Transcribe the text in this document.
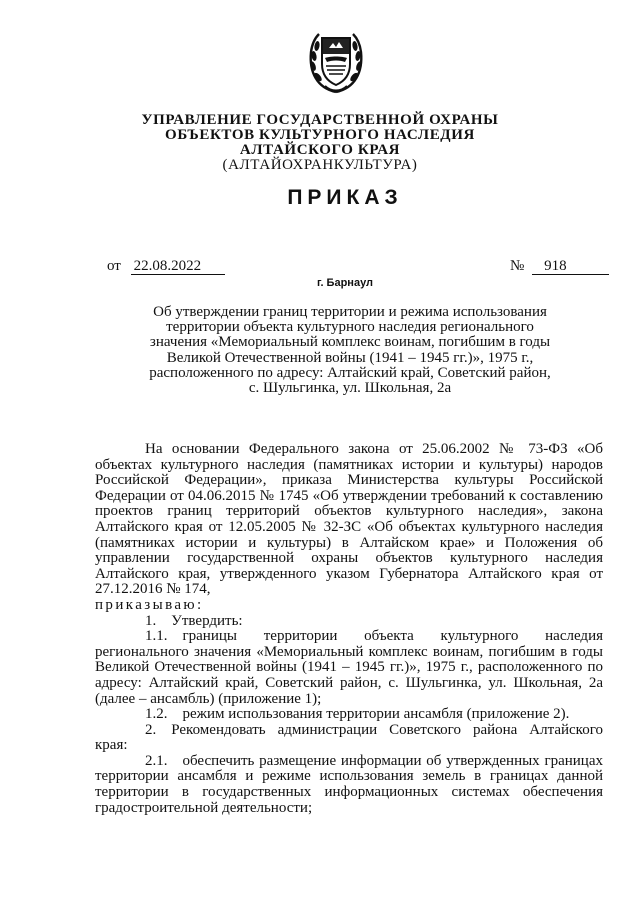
УПРАВЛЕНИЕ ГОСУДАРСТВЕННОЙ ОХРАНЫ
ОБЪЕКТОВ КУЛЬТУРНОГО НАСЛЕДИЯ
АЛТАЙСКОГО КРАЯ
(АЛТАЙОХРАНКУЛЬТУРА)
ПРИКАЗ
от 22.08.2022	№ 918
г. Барнаул
Об утверждении границ территории и режима использования
территории объекта культурного наследия регионального
значения «Мемориальный комплекс воинам, погибшим в годы
Великой Отечественной войны (1941 – 1945 гг.)», 1975 г.,
расположенного по адресу: Алтайский край, Советский район,
с. Шульгинка, ул. Школьная, 2а

На основании Федерального закона от 25.06.2002 № 73-ФЗ «Об объектах культурного наследия (памятниках истории и культуры) народов Российской Федерации», приказа Министерства культуры Российской Федерации от 04.06.2015 № 1745 «Об утверждении требований к составлению проектов границ территорий объектов культурного наследия», закона Алтайского края от 12.05.2005 № 32-ЗС «Об объектах культурного наследия (памятниках истории и культуры) в Алтайском крае» и Положения об управлении государственной охраны объектов культурного наследия Алтайского края, утвержденного указом Губернатора Алтайского края от 27.12.2016 № 174,

приказываю:

1. Утвердить:

1.1. границы территории объекта культурного наследия регионального значения «Мемориальный комплекс воинам, погибшим в годы Великой Отечественной войны (1941 – 1945 гг.)», 1975 г., расположенного по адресу: Алтайский край, Советский район, с. Шульгинка, ул. Школьная, 2а (далее – ансамбль) (приложение 1);

1.2. режим использования территории ансамбля (приложение 2).

2. Рекомендовать администрации Советского района Алтайского края:

2.1. обеспечить размещение информации об утвержденных границах территории ансамбля и режиме использования земель в границах данной территории в государственных информационных системах обеспечения градостроительной деятельности;
